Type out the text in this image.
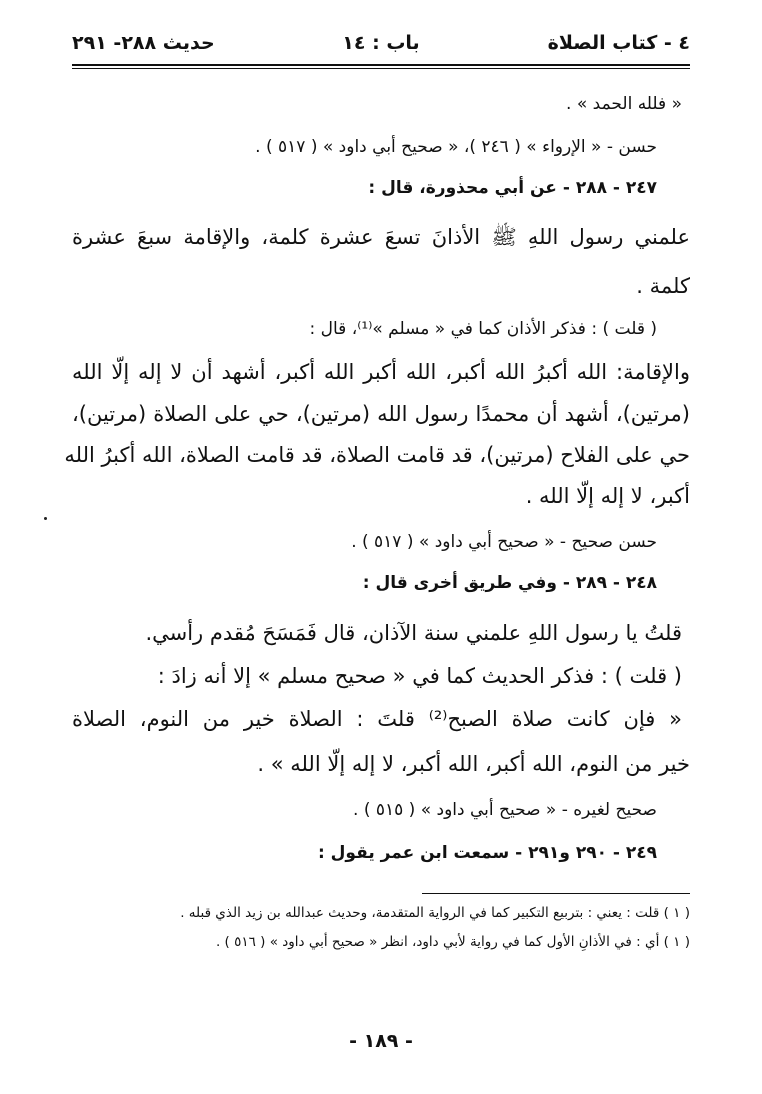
٤ - كتاب الصلاة
باب : ١٤
حديث ٢٨٨- ٢٩١
« فلله الحمد » .
حسن - « الإرواء » ( ٢٤٦ )، « صحيح أبي داود » ( ٥١٧ ) .
٢٤٧ - ٢٨٨ - عن أبي محذورة، قال :
علمني رسول اللهِ ﷺ الأذانَ تسعَ عشرة كلمة، والإقامة سبعَ عشرة
كلمة .
( قلت ) : فذكر الأذان كما في « مسلم »⁽¹⁾، قال :
والإقامة: الله أكبرُ الله أكبر، الله أكبر الله أكبر، أشهد أن لا إله إلّا الله
(مرتين)، أشهد أن محمدًا رسول الله (مرتين)، حي على الصلاة (مرتين)،
حي على الفلاح (مرتين)، قد قامت الصلاة، قد قامت الصلاة، الله أكبرُ الله
أكبر، لا إله إلّا الله .
حسن صحيح - « صحيح أبي داود » ( ٥١٧ ) .
٢٤٨ - ٢٨٩ - وفي طريق أخرى قال :
قلتُ يا رسول اللهِ علمني سنة الآذان، قال فَمَسَحَ مُقدم رأسي.
( قلت ) : فذكر الحديث كما في « صحيح مسلم » إلا أنه زادَ :
« فإن كانت صلاة الصبح⁽²⁾ قلتَ : الصلاة خير من النوم، الصلاة
خير من النوم، الله أكبر، الله أكبر، لا إله إلّا الله » .
صحيح لغيره - « صحيح أبي داود » ( ٥١٥ ) .
٢٤٩ - ٢٩٠ و٢٩١ - سمعت ابن عمر يقول :
( ١ ) قلت : يعني : بتربيع التكبير كما في الرواية المتقدمة، وحديث عبدالله بن زيد الذي قبله .
( ١ ) أي : في الأذانِ الأول كما في رواية لأبي داود، انظر « صحيح أبي داود » ( ٥١٦ ) .
- ١٨٩ -
